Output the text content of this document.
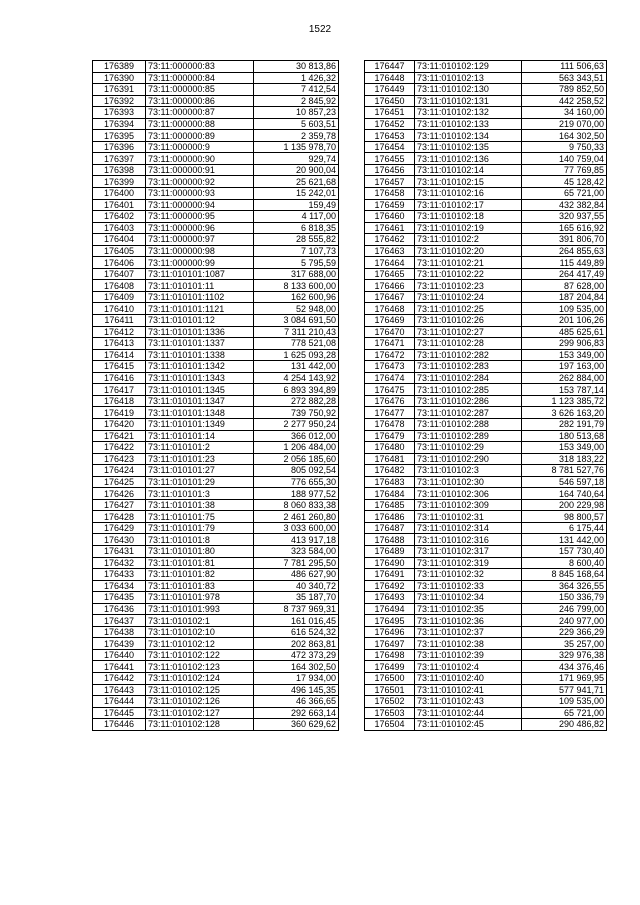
1522
176389	73:11:000000:83	30 813,86
176390	73:11:000000:84	1 426,32
176391	73:11:000000:85	7 412,54
176392	73:11:000000:86	2 845,92
176393	73:11:000000:87	10 857,23
176394	73:11:000000:88	5 603,51
176395	73:11:000000:89	2 359,78
176396	73:11:000000:9	1 135 978,70
176397	73:11:000000:90	929,74
176398	73:11:000000:91	20 900,04
176399	73:11:000000:92	25 621,68
176400	73:11:000000:93	15 242,01
176401	73:11:000000:94	159,49
176402	73:11:000000:95	4 117,00
176403	73:11:000000:96	6 818,35
176404	73:11:000000:97	28 555,82
176405	73:11:000000:98	7 107,73
176406	73:11:000000:99	5 795,59
176407	73:11:010101:1087	317 688,00
176408	73:11:010101:11	8 133 600,00
176409	73:11:010101:1102	162 600,96
176410	73:11:010101:1121	52 948,00
176411	73:11:010101:12	3 084 691,50
176412	73:11:010101:1336	7 311 210,43
176413	73:11:010101:1337	778 521,08
176414	73:11:010101:1338	1 625 093,28
176415	73:11:010101:1342	131 442,00
176416	73:11:010101:1343	4 254 143,92
176417	73:11:010101:1345	6 893 394,89
176418	73:11:010101:1347	272 882,28
176419	73:11:010101:1348	739 750,92
176420	73:11:010101:1349	2 277 950,24
176421	73:11:010101:14	366 012,00
176422	73:11:010101:2	1 206 484,00
176423	73:11:010101:23	2 056 185,60
176424	73:11:010101:27	805 092,54
176425	73:11:010101:29	776 655,30
176426	73:11:010101:3	188 977,52
176427	73:11:010101:38	8 060 833,38
176428	73:11:010101:75	2 461 260,80
176429	73:11:010101:79	3 033 600,00
176430	73:11:010101:8	413 917,18
176431	73:11:010101:80	323 584,00
176432	73:11:010101:81	7 781 295,50
176433	73:11:010101:82	486 627,90
176434	73:11:010101:83	40 340,72
176435	73:11:010101:978	35 187,70
176436	73:11:010101:993	8 737 969,31
176437	73:11:010102:1	161 016,45
176438	73:11:010102:10	616 524,32
176439	73:11:010102:12	202 863,81
176440	73:11:010102:122	472 373,29
176441	73:11:010102:123	164 302,50
176442	73:11:010102:124	17 934,00
176443	73:11:010102:125	496 145,35
176444	73:11:010102:126	46 366,65
176445	73:11:010102:127	292 663,14
176446	73:11:010102:128	360 629,62
176447	73:11:010102:129	111 506,63
176448	73:11:010102:13	563 343,51
176449	73:11:010102:130	789 852,50
176450	73:11:010102:131	442 258,52
176451	73:11:010102:132	34 160,00
176452	73:11:010102:133	219 070,00
176453	73:11:010102:134	164 302,50
176454	73:11:010102:135	9 750,33
176455	73:11:010102:136	140 759,04
176456	73:11:010102:14	77 769,85
176457	73:11:010102:15	45 128,42
176458	73:11:010102:16	65 721,00
176459	73:11:010102:17	432 382,84
176460	73:11:010102:18	320 937,55
176461	73:11:010102:19	165 616,92
176462	73:11:010102:2	391 806,70
176463	73:11:010102:20	264 855,63
176464	73:11:010102:21	115 449,89
176465	73:11:010102:22	264 417,49
176466	73:11:010102:23	87 628,00
176467	73:11:010102:24	187 204,84
176468	73:11:010102:25	109 535,00
176469	73:11:010102:26	201 106,26
176470	73:11:010102:27	485 625,61
176471	73:11:010102:28	299 906,83
176472	73:11:010102:282	153 349,00
176473	73:11:010102:283	197 163,00
176474	73:11:010102:284	262 884,00
176475	73:11:010102:285	153 787,14
176476	73:11:010102:286	1 123 385,72
176477	73:11:010102:287	3 626 163,20
176478	73:11:010102:288	282 191,79
176479	73:11:010102:289	180 513,68
176480	73:11:010102:29	153 349,00
176481	73:11:010102:290	318 183,22
176482	73:11:010102:3	8 781 527,76
176483	73:11:010102:30	546 597,18
176484	73:11:010102:306	164 740,64
176485	73:11:010102:309	200 229,98
176486	73:11:010102:31	98 800,57
176487	73:11:010102:314	6 175,44
176488	73:11:010102:316	131 442,00
176489	73:11:010102:317	157 730,40
176490	73:11:010102:319	8 600,40
176491	73:11:010102:32	8 845 168,64
176492	73:11:010102:33	364 326,55
176493	73:11:010102:34	150 336,79
176494	73:11:010102:35	246 799,00
176495	73:11:010102:36	240 977,00
176496	73:11:010102:37	229 366,29
176497	73:11:010102:38	35 257,00
176498	73:11:010102:39	329 976,38
176499	73:11:010102:4	434 376,46
176500	73:11:010102:40	171 969,95
176501	73:11:010102:41	577 941,71
176502	73:11:010102:43	109 535,00
176503	73:11:010102:44	65 721,00
176504	73:11:010102:45	290 486,82
